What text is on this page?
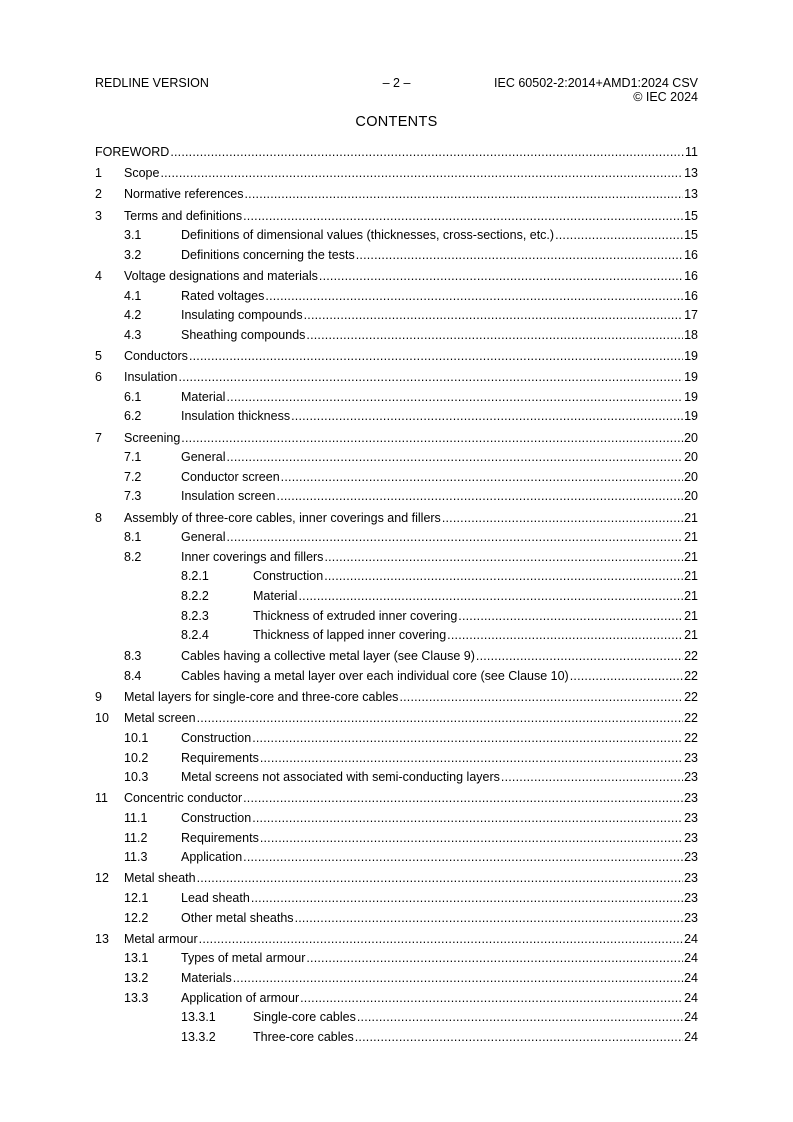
REDLINE VERSION	– 2 –	IEC 60502-2:2014+AMD1:2024 CSV
© IEC 2024
CONTENTS
FOREWORD .....	11
1 Scope .....	13
2 Normative references .....	13
3 Terms and definitions .....	15
3.1	Definitions of dimensional values (thicknesses, cross-sections, etc.) .....	15
3.2	Definitions concerning the tests .....	16
4 Voltage designations and materials .....	16
4.1	Rated voltages .....	16
4.2	Insulating compounds .....	17
4.3	Sheathing compounds .....	18
5 Conductors .....	19
6 Insulation .....	19
6.1	Material .....	19
6.2	Insulation thickness .....	19
7 Screening .....	20
7.1	General .....	20
7.2	Conductor screen .....	20
7.3	Insulation screen .....	20
8 Assembly of three-core cables, inner coverings and fillers .....	21
8.1	General .....	21
8.2	Inner coverings and fillers .....	21
8.2.1	Construction .....	21
8.2.2	Material .....	21
8.2.3	Thickness of extruded inner covering .....	21
8.2.4	Thickness of lapped inner covering .....	21
8.3	Cables having a collective metal layer (see Clause 9) .....	22
8.4	Cables having a metal layer over each individual core (see Clause 10) .....	22
9 Metal layers for single-core and three-core cables .....	22
10 Metal screen .....	22
10.1	Construction .....	22
10.2	Requirements .....	23
10.3	Metal screens not associated with semi-conducting layers .....	23
11 Concentric conductor .....	23
11.1	Construction .....	23
11.2	Requirements .....	23
11.3	Application .....	23
12 Metal sheath .....	23
12.1	Lead sheath .....	23
12.2	Other metal sheaths .....	23
13 Metal armour .....	24
13.1	Types of metal armour .....	24
13.2	Materials .....	24
13.3	Application of armour .....	24
13.3.1	Single-core cables .....	24
13.3.2	Three-core cables .....	24
